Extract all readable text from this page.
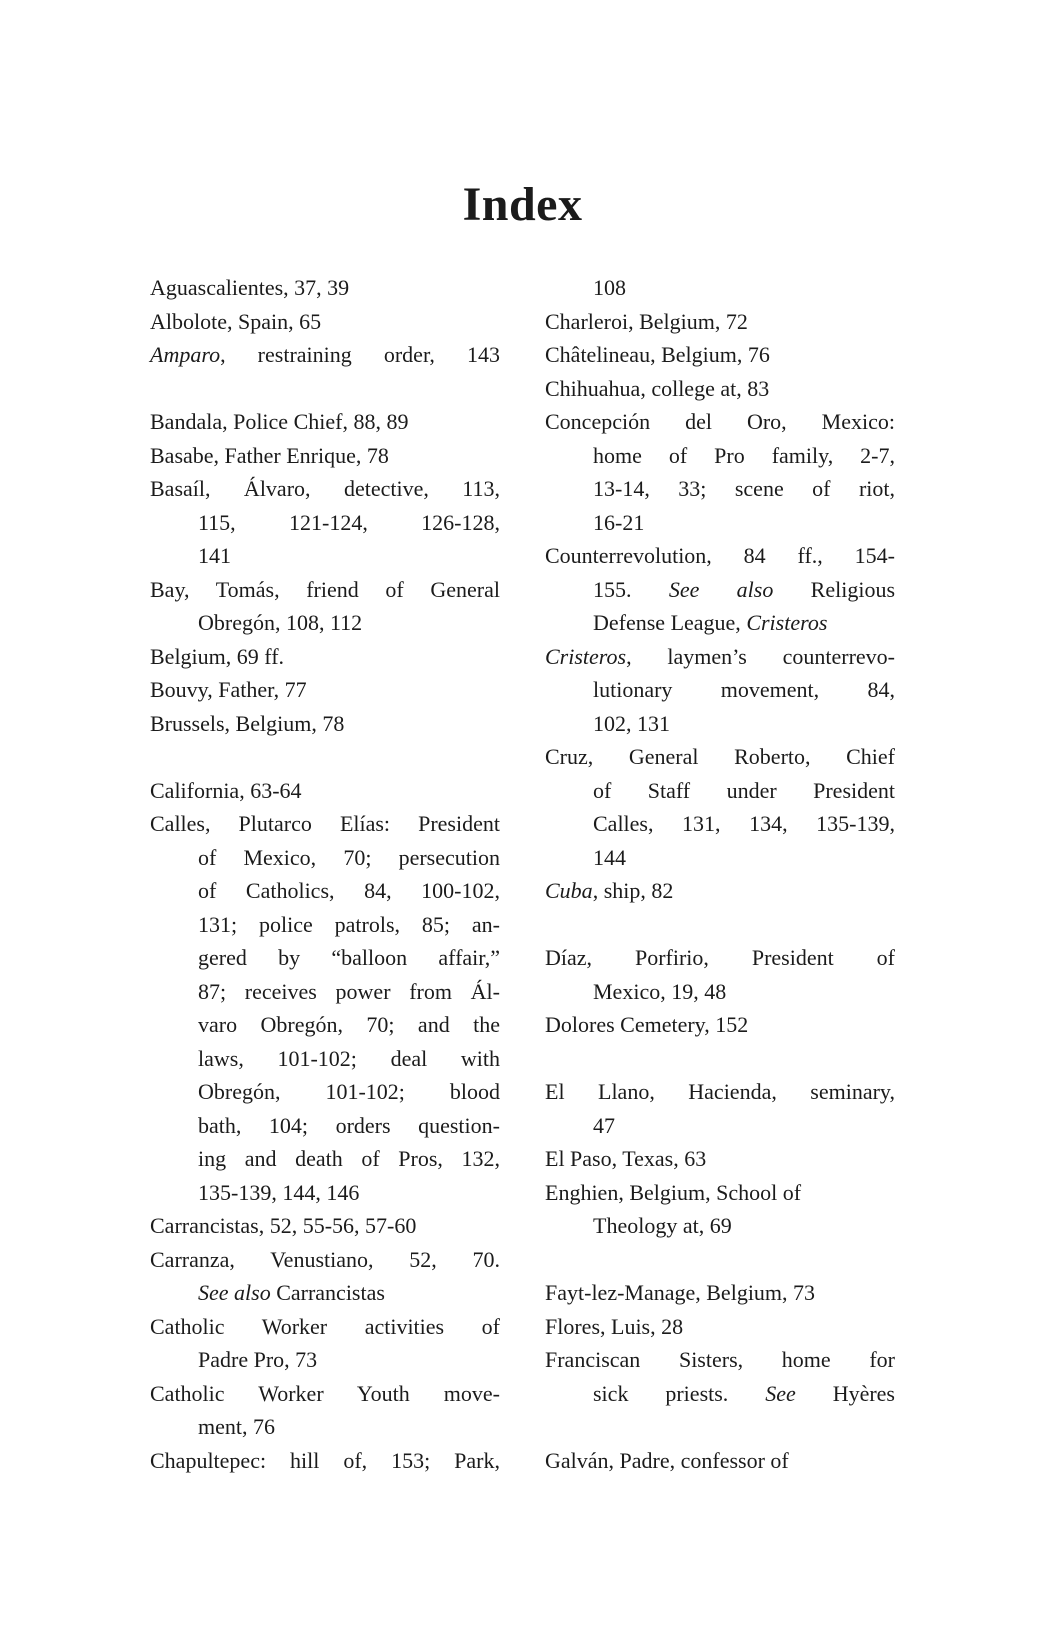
Index
Aguascalientes, 37, 39
Albolote, Spain, 65
Amparo, restraining order, 143
Bandala, Police Chief, 88, 89
Basabe, Father Enrique, 78
Basaíl, Álvaro, detective, 113,
115, 121-124, 126-128,
141
Bay, Tomás, friend of General
Obregón, 108, 112
Belgium, 69 ff.
Bouvy, Father, 77
Brussels, Belgium, 78
California, 63-64
Calles, Plutarco Elías: President
of Mexico, 70; persecution
of Catholics, 84, 100-102,
131; police patrols, 85; an-
gered by “balloon affair,”
87; receives power from Ál-
varo Obregón, 70; and the
laws, 101-102; deal with
Obregón, 101-102; blood
bath, 104; orders question-
ing and death of Pros, 132,
135-139, 144, 146
Carrancistas, 52, 55-56, 57-60
Carranza, Venustiano, 52, 70.
See also Carrancistas
Catholic Worker activities of
Padre Pro, 73
Catholic Worker Youth move-
ment, 76
Chapultepec: hill of, 153; Park,
108
Charleroi, Belgium, 72
Châtelineau, Belgium, 76
Chihuahua, college at, 83
Concepción del Oro, Mexico:
home of Pro family, 2-7,
13-14, 33; scene of riot,
16-21
Counterrevolution, 84 ff., 154-
155. See also Religious
Defense League, Cristeros
Cristeros, laymen’s counterrevo-
lutionary movement, 84,
102, 131
Cruz, General Roberto, Chief
of Staff under President
Calles, 131, 134, 135-139,
144
Cuba, ship, 82
Díaz, Porfirio, President of
Mexico, 19, 48
Dolores Cemetery, 152
El Llano, Hacienda, seminary,
47
El Paso, Texas, 63
Enghien, Belgium, School of
Theology at, 69
Fayt-lez-Manage, Belgium, 73
Flores, Luis, 28
Franciscan Sisters, home for
sick priests. See Hyères
Galván, Padre, confessor of
